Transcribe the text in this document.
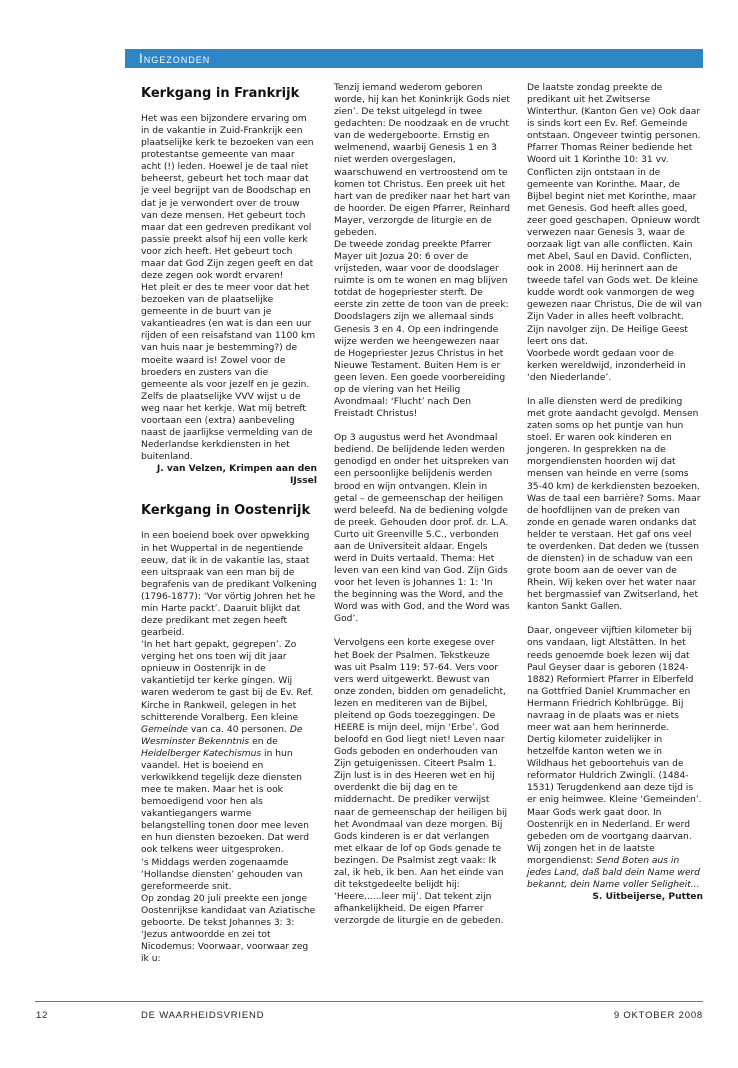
Ingezonden
Kerkgang in Frankrijk

Het was een bijzondere ervaring om in de vakantie in Zuid-Frankrijk een plaatselijke kerk te bezoeken van een protestantse gemeente van maar acht (!) leden. Hoewel je de taal niet beheerst, gebeurt het toch maar dat je veel begrijpt van de Boodschap en dat je je verwondert over de trouw van deze mensen. Het gebeurt toch maar dat een gedreven predikant vol passie preekt alsof hij een volle kerk voor zich heeft. Het gebeurt toch maar dat God Zijn zegen geeft en dat deze zegen ook wordt ervaren!

Het pleit er des te meer voor dat het bezoeken van de plaatselijke gemeente in de buurt van je vakantieadres (en wat is dan een uur rijden of een reisafstand van 1100 km van huis naar je bestemming?) de moeite waard is! Zowel voor de broeders en zusters van die gemeente als voor jezelf en je gezin. Zelfs de plaatselijke VVV wijst u de weg naar het kerkje. Wat mij betreft voortaan een (extra) aanbeveling naast de jaarlijkse vermelding van de Nederlandse kerkdiensten in het buitenland.

J. van Velzen, Krimpen aan den IJssel

Kerkgang in Oostenrijk

In een boeiend boek over opwekking in het Wuppertal in de negentiende eeuw, dat ik in de vakantie las, staat een uitspraak van een man bij de begrafenis van de predikant Volkening (1796-1877): ‘Vor vörtig Johren het he min Harte packt’. Daaruit blijkt dat deze predikant met zegen heeft gearbeid.

‘In het hart gepakt, gegrepen’. Zo verging het ons toen wij dit jaar opnieuw in Oostenrijk in de vakantietijd ter kerke gingen. Wij waren wederom te gast bij de Ev. Ref. Kirche in Rankweil, gelegen in het schitterende Voralberg. Een kleine Gemeinde van ca. 40 personen. De Wesminster Bekenntnis en de Heidelberger Katechismus in hun vaandel. Het is boeiend en verkwikkend tegelijk deze diensten mee te maken. Maar het is ook bemoedigend voor hen als vakantiegangers warme belangstelling tonen door mee leven en hun diensten bezoeken. Dat werd ook telkens weer uitgesproken.

’s Middags werden zogenaamde ‘Hollandse diensten’ gehouden van gereformeerde snit.

Op zondag 20 juli preekte een jonge Oostenrijkse kandidaat van Aziatische geboorte. De tekst Johannes 3: 3: ‘Jezus antwoordde en zei tot Nicodemus: Voorwaar, voorwaar zeg ik u:

Tenzij iemand wederom geboren worde, hij kan het Koninkrijk Gods niet zien’. De tekst uitgelegd in twee gedachten: De noodzaak en de vrucht van de wedergeboorte. Ernstig en welmenend, waarbij Genesis 1 en 3 niet werden overgeslagen, waarschuwend en vertroostend om te komen tot Christus. Een preek uit het hart van de prediker naar het hart van de hoorder. De eigen Pfarrer, Reinhard Mayer, verzorgde de liturgie en de gebeden.

De tweede zondag preekte Pfarrer Mayer uit Jozua 20: 6 over de vrijsteden, waar voor de doodslager ruimte is om te wonen en mag blijven totdat de hogepriester sterft. De eerste zin zette de toon van de preek: Doodslagers zijn we allemaal sinds Genesis 3 en 4. Op een indringende wijze werden we heengewezen naar de Hogepriester Jezus Christus in het Nieuwe Testament. Buiten Hem is er geen leven. Een goede voorbereiding op de viering van het Heilig Avondmaal: ‘Flucht’ nach Den Freistadt Christus!

Op 3 augustus werd het Avondmaal bediend. De belijdende leden werden genodigd en onder het uitspreken van een persoonlijke belijdenis werden brood en wijn ontvangen. Klein in getal – de gemeenschap der heiligen werd beleefd. Na de bediening volgde de preek. Gehouden door prof. dr. L.A. Curto uit Greenville S.C., verbonden aan de Universiteit aldaar. Engels werd in Duits vertaald. Thema: Het leven van een kind van God. Zijn Gids voor het leven is Johannes 1: 1: ‘In the beginning was the Word, and the Word was with God, and the Word was God’.

Vervolgens een korte exegese over het Boek der Psalmen. Tekstkeuze was uit Psalm 119: 57-64. Vers voor vers werd uitgewerkt. Bewust van onze zonden, bidden om genadelicht, lezen en mediteren van de Bijbel, pleitend op Gods toezeggingen. De HEERE is mijn deel, mijn ‘Erbe’. God beloofd en God liegt niet! Leven naar Gods geboden en onderhouden van Zijn getuigenissen. Citeert Psalm 1. Zijn lust is in des Heeren wet en hij overdenkt die bij dag en te middernacht. De prediker verwijst naar de gemeenschap der heiligen bij het Avondmaal van deze morgen. Bij Gods kinderen is er dat verlangen met elkaar de lof op Gods genade te bezingen. De Psalmist zegt vaak: Ik zal, ik heb, ik ben. Aan het einde van dit tekstgedeelte belijdt hij: ‘Heere......leer mij’. Dat tekent zijn afhankelijkheid. De eigen Pfarrer verzorgde de liturgie en de gebeden.

De laatste zondag preekte de predikant uit het Zwitserse Winterthur. (Kanton Gen ve) Ook daar is sinds kort een Ev. Ref. Gemeinde ontstaan. Ongeveer twintig personen. Pfarrer Thomas Reiner bediende het Woord uit 1 Korinthe 10: 31 vv. Conflicten zijn ontstaan in de gemeente van Korinthe. Maar, de Bijbel begint niet met Korinthe, maar met Genesis. God heeft alles goed, zeer goed geschapen. Opnieuw wordt verwezen naar Genesis 3, waar de oorzaak ligt van alle conflicten. Kain met Abel, Saul en David. Conflicten, ook in 2008. Hij herinnert aan de tweede tafel van Gods wet. De kleine kudde wordt ook vanmorgen de weg gewezen naar Christus, Die de wil van Zijn Vader in alles heeft volbracht. Zijn navolger zijn. De Heilige Geest leert ons dat.

Voorbede wordt gedaan voor de kerken wereldwijd, inzonderheid in ‘den Niederlande’.

In alle diensten werd de prediking met grote aandacht gevolgd. Mensen zaten soms op het puntje van hun stoel. Er waren ook kinderen en jongeren. In gesprekken na de morgendiensten hoorden wij dat mensen van heinde en verre (soms 35-40 km) de kerkdiensten bezoeken. Was de taal een barrière? Soms. Maar de hoofdlijnen van de preken van zonde en genade waren ondanks dat helder te verstaan. Het gaf ons veel te overdenken. Dat deden we (tussen de diensten) in de schaduw van een grote boom aan de oever van de Rhein. Wij keken over het water naar het bergmassief van Zwitserland, het kanton Sankt Gallen.

Daar, ongeveer vijftien kilometer bij ons vandaan, ligt Altstätten. In het reeds genoemde boek lezen wij dat Paul Geyser daar is geboren (1824-1882) Reformiert Pfarrer in Elberfeld na Gottfried Daniel Krummacher en Hermann Friedrich Kohlbrügge. Bij navraag in de plaats was er niets meer wat aan hem herinnerde.

Dertig kilometer zuidelijker in hetzelfde kanton weten we in Wildhaus het geboortehuis van de reformator Huldrich Zwingli. (1484-1531) Terugdenkend aan deze tijd is er enig heimwee. Kleine ‘Gemeinden’. Maar Gods werk gaat door. In Oostenrijk en in Nederland. Er werd gebeden om de voortgang daarvan.

Wij zongen het in de laatste morgendienst: Send Boten aus in jedes Land, daß bald dein Name werd bekannt, dein Name voller Seligheit...

S. Uitbeijerse, Putten

12	DE WAARHEIDSVRIEND	9 OKTOBER 2008
